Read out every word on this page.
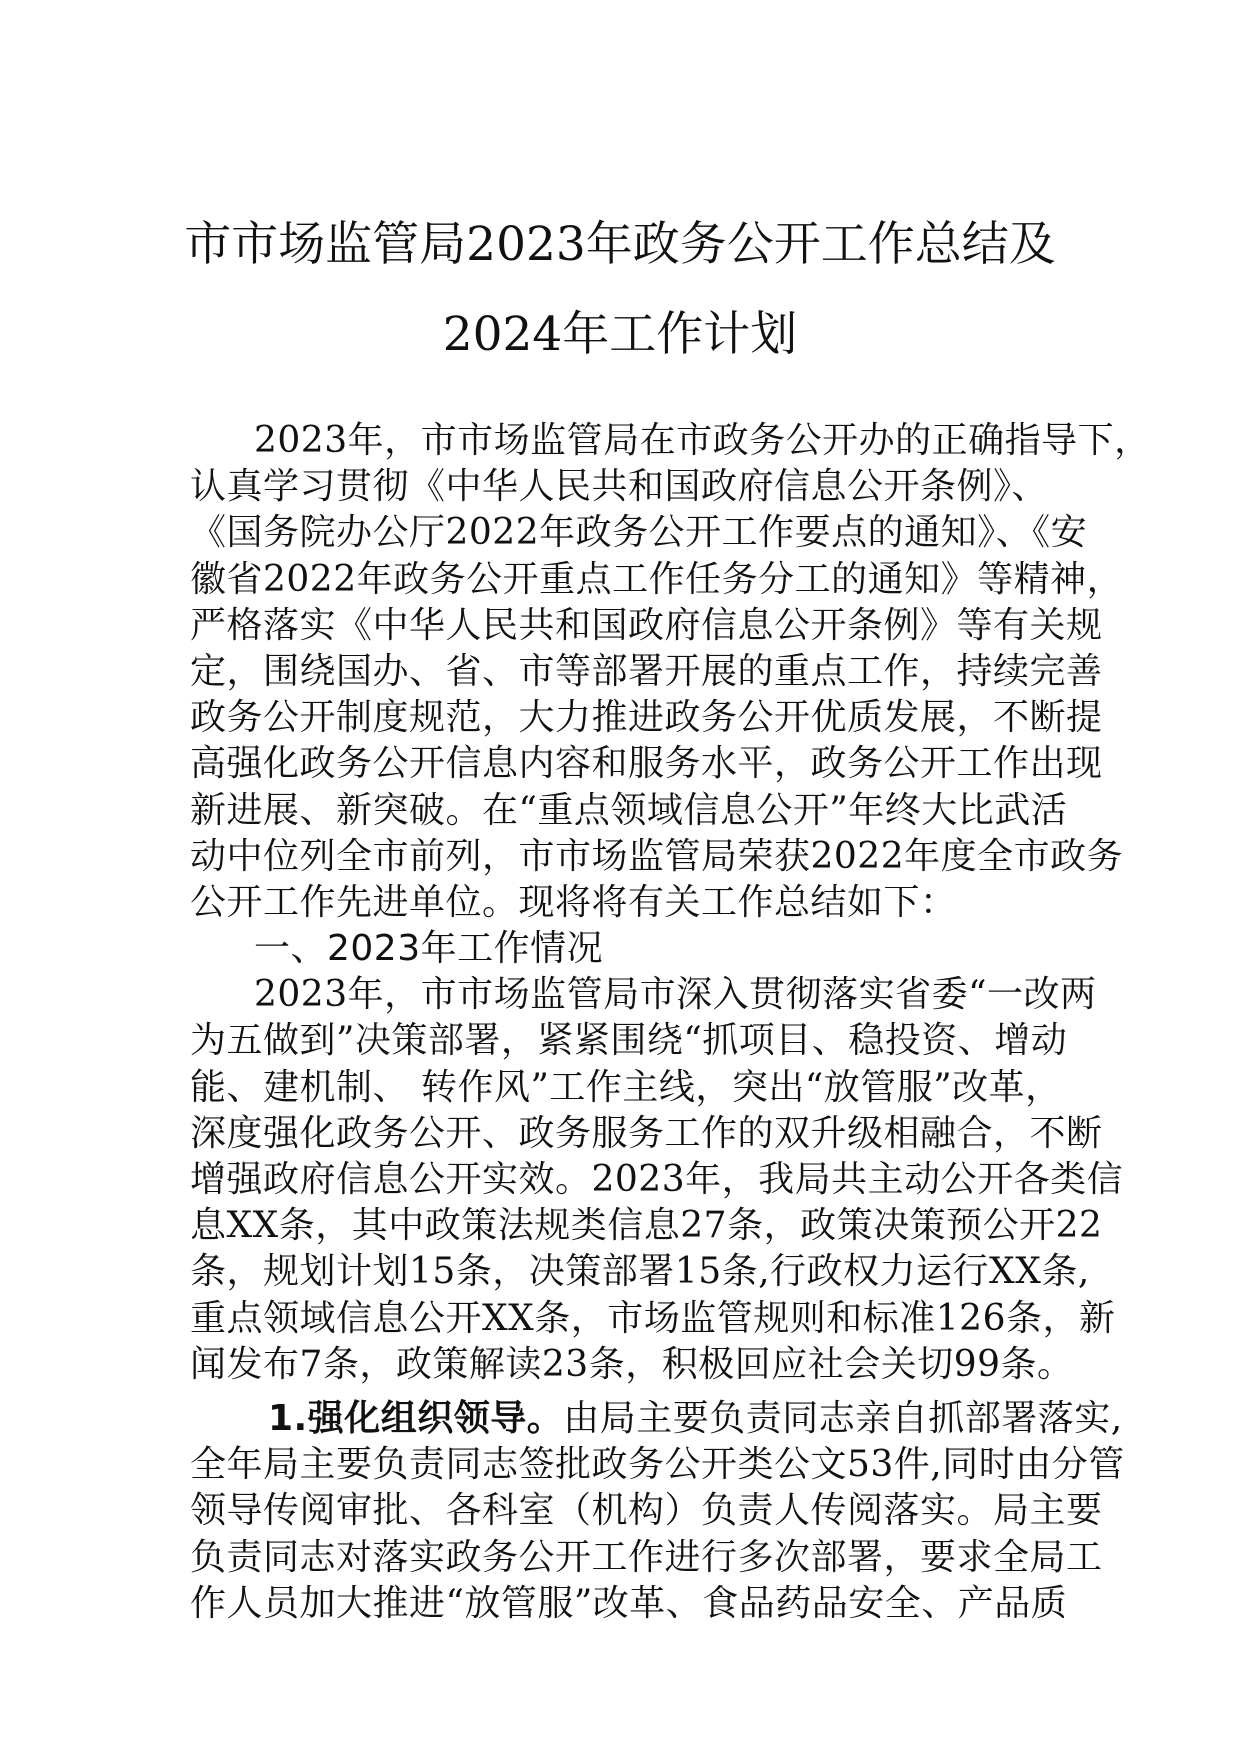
市市场监管局2023年政务公开工作总结及
2024年工作计划
2023年，市市场监管局在市政务公开办的正确指导下，
认真学习贯彻《中华人民共和国政府信息公开条例》、
《国务院办公厅2022年政务公开工作要点的通知》、《安
徽省2022年政务公开重点工作任务分工的通知》等精神，
严格落实《中华人民共和国政府信息公开条例》等有关规
定，围绕国办、省、市等部署开展的重点工作，持续完善
政务公开制度规范，大力推进政务公开优质发展，不断提
高强化政务公开信息内容和服务水平，政务公开工作出现
新进展、新突破。在“重点领域信息公开”年终大比武活
动中位列全市前列，市市场监管局荣获2022年度全市政务
公开工作先进单位。现将将有关工作总结如下：
一、2023年工作情况
2023年，市市场监管局市深入贯彻落实省委“一改两
为五做到”决策部署，紧紧围绕“抓项目、稳投资、增动
能、建机制、 转作风”工作主线，突出“放管服”改革，
深度强化政务公开、政务服务工作的双升级相融合，不断
增强政府信息公开实效。2023年，我局共主动公开各类信
息XX条，其中政策法规类信息27条，政策决策预公开22
条，规划计划15条，决策部署15条,行政权力运行XX条,
重点领域信息公开XX条，市场监管规则和标准126条，新
闻发布7条，政策解读23条，积极回应社会关切99条。
1.强化组织领导。由局主要负责同志亲自抓部署落实,
全年局主要负责同志签批政务公开类公文53件,同时由分管
领导传阅审批、各科室（机构）负责人传阅落实。局主要
负责同志对落实政务公开工作进行多次部署，要求全局工
作人员加大推进“放管服”改革、食品药品安全、产品质
